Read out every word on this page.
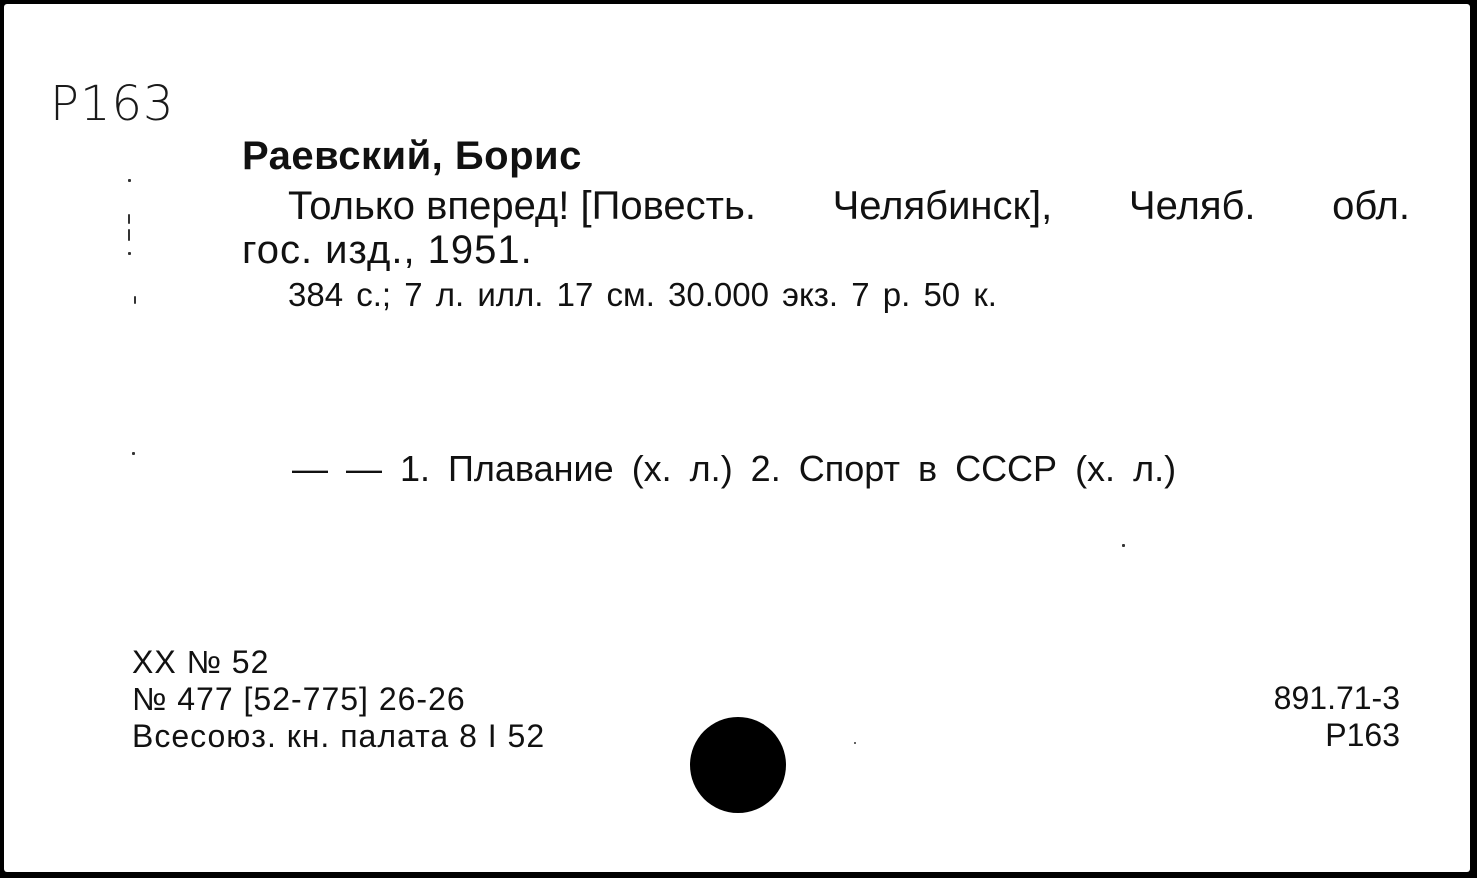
Р163
Раевский, Борис
Только вперед! [Повесть. Челябинск], Челяб. обл.
гос. изд., 1951.
384 с.; 7 л. илл. 17 см. 30.000 экз. 7 р. 50 к.
— — 1. Плавание (х. л.) 2. Спорт в СССР (х. л.)
XX № 52
№ 477 [52-775] 26-26
Всесоюз. кн. палата 8 I 52
891.71-3
Р163
